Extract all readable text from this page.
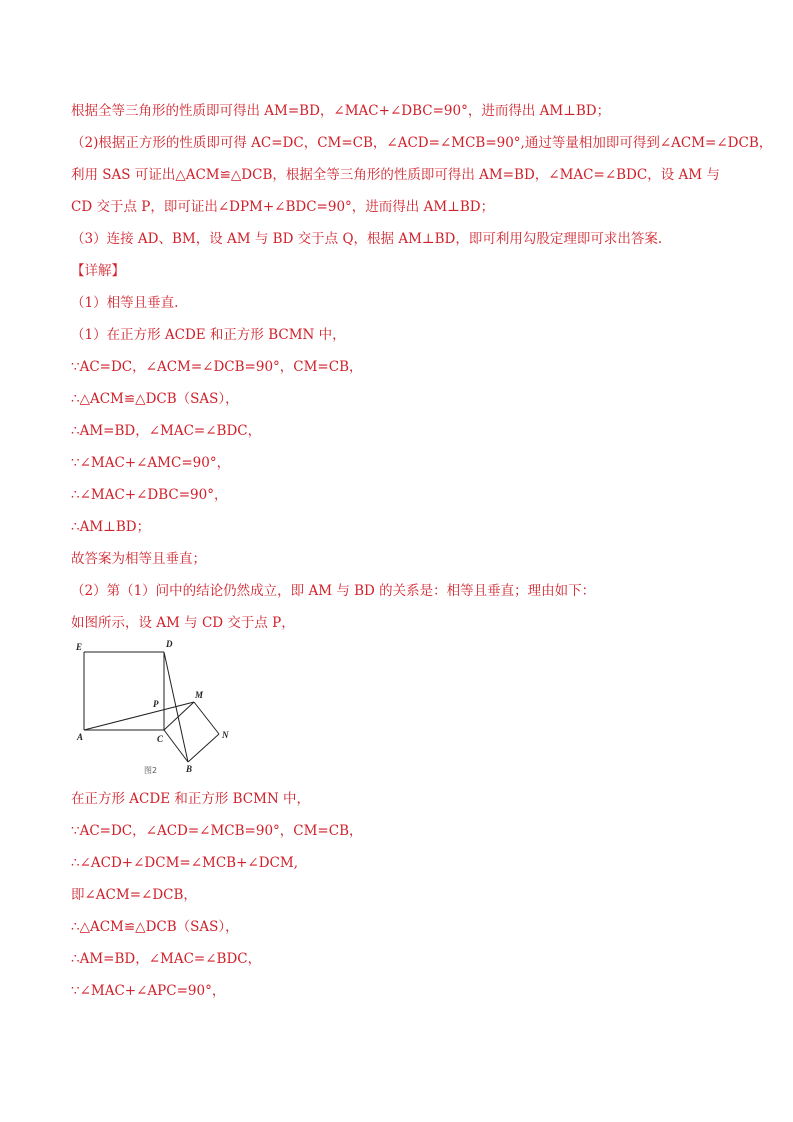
根据全等三角形的性质即可得出 AM=BD，∠MAC+∠DBC=90°，进而得出 AM⊥BD；
（2)根据正方形的性质即可得 AC=DC，CM=CB，∠ACD=∠MCB=90°,通过等量相加即可得到∠ACM=∠DCB，
利用 SAS 可证出△ACM≌△DCB，根据全等三角形的性质即可得出 AM=BD，∠MAC=∠BDC，设 AM 与
CD 交于点 P，即可证出∠DPM+∠BDC=90°，进而得出 AM⊥BD；
（3）连接 AD、BM，设 AM 与 BD 交于点 Q，根据 AM⊥BD，即可利用勾股定理即可求出答案.
【详解】
（1）相等且垂直.
（1）在正方形 ACDE 和正方形 BCMN 中，
∵AC=DC，∠ACM=∠DCB=90°，CM=CB，
∴△ACM≌△DCB（SAS），
∴AM=BD，∠MAC=∠BDC，
∵∠MAC+∠AMC=90°，
∴∠MAC+∠DBC=90°，
∴AM⊥BD；
故答案为相等且垂直；
（2）第（1）问中的结论仍然成立，即 AM 与 BD 的关系是：相等且垂直；理由如下：
如图所示，设 AM 与 CD 交于点 P，
E	D
M
P
A	C	N
B
图2
在正方形 ACDE 和正方形 BCMN 中，
∵AC=DC，∠ACD=∠MCB=90°，CM=CB，
∴∠ACD+∠DCM=∠MCB+∠DCM,
即∠ACM=∠DCB，
∴△ACM≌△DCB（SAS），
∴AM=BD，∠MAC=∠BDC，
∵∠MAC+∠APC=90°，
